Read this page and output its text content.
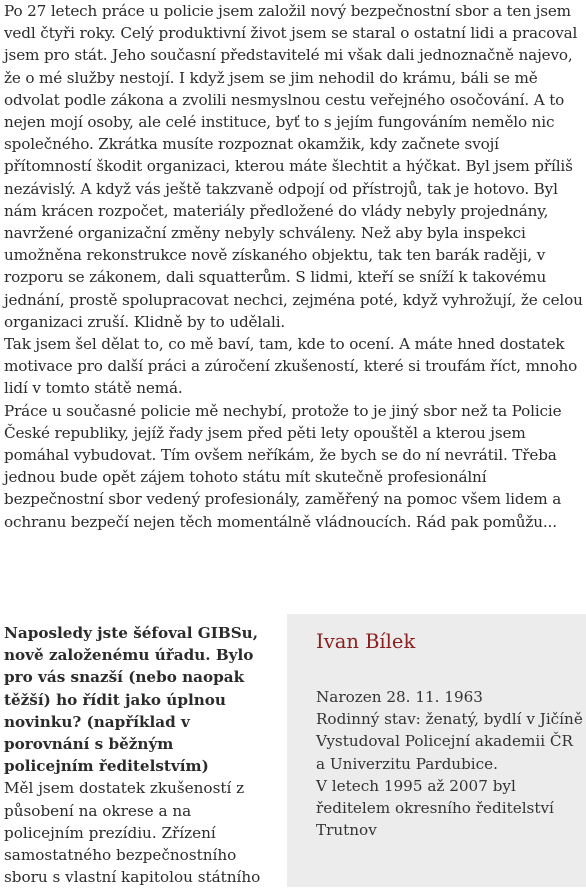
Po 27 letech práce u policie jsem založil nový bezpečnostní sbor a ten jsem vedl čtyři roky. Celý produktivní život jsem se staral o ostatní lidi a pracoval jsem pro stát. Jeho současní představitelé mi však dali jednoznačně najevo, že o mé služby nestojí. I když jsem se jim nehodil do krámu, báli se mě odvolat podle zákona a zvolili nesmyslnou cestu veřejného osočování. A to nejen mojí osoby, ale celé instituce, byť to s jejím fungováním nemělo nic společného. Zkrátka musíte rozpoznat okamžik, kdy začnete svojí přítomností škodit organizaci, kterou máte šlechtit a hýčkat. Byl jsem příliš nezávislý. A když vás ještě takzvaně odpojí od přístrojů, tak je hotovo. Byl nám krácen rozpočet, materiály předložené do vlády nebyly projednány, navržené organizační změny nebyly schváleny. Než aby byla inspekci umožněna rekonstrukce nově získaného objektu, tak ten barák raději, v rozporu se zákonem, dali squatterům. S lidmi, kteří se sníží k takovému jednání, prostě spolupracovat nechci, zejména poté, když vyhrožují, že celou organizaci zruší. Klidně by to udělali.

Tak jsem šel dělat to, co mě baví, tam, kde to ocení. A máte hned dostatek motivace pro další práci a zúročení zkušeností, které si troufám říct, mnoho lidí v tomto státě nemá.

Práce u současné policie mě nechybí, protože to je jiný sbor než ta Policie České republiky, jejíž řady jsem před pěti lety opouštěl a kterou jsem pomáhal vybudovat. Tím ovšem neříkám, že bych se do ní nevrátil. Třeba jednou bude opět zájem tohoto státu mít skutečně profesionální bezpečnostní sbor vedený profesionály, zaměřený na pomoc všem lidem a ochranu bezpečí nejen těch momentálně vládnoucích. Rád pak pomůžu...

Naposledy jste šéfoval GIBSu, nově založenému úřadu. Bylo pro vás snazší (nebo naopak těžší) ho řídit jako úplnou novinku? (například v porovnání s běžným policejním ředitelstvím)

Měl jsem dostatek zkušeností z působení na okrese a na policejním prezídiu. Zřízení samostatného bezpečnostního sboru s vlastní kapitolou státního

Ivan Bílek

Narozen 28. 11. 1963

Rodinný stav: ženatý, bydlí v Jičíně

Vystudoval Policejní akademii ČR a Univerzitu Pardubice.

V letech 1995 až 2007 byl ředitelem okresního ředitelství Trutnov
